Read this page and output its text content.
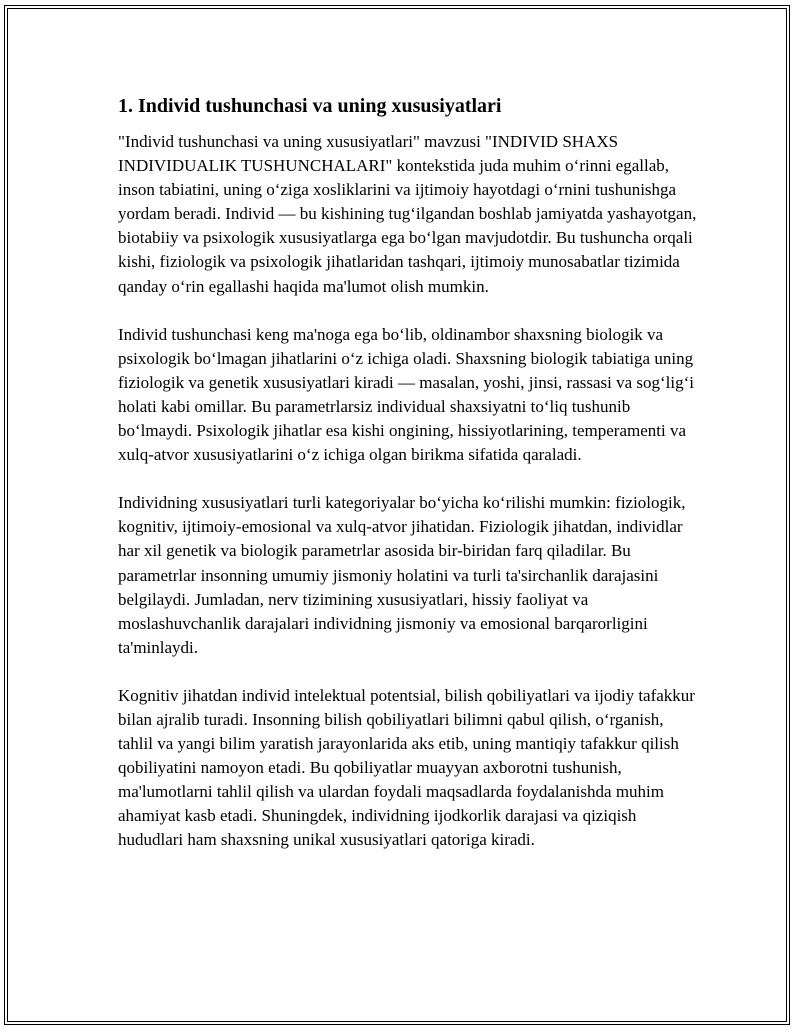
1. Individ tushunchasi va uning xususiyatlari

"Individ tushunchasi va uning xususiyatlari" mavzusi "INDIVID SHAXS INDIVIDUALIK TUSHUNCHALARI" kontekstida juda muhim o‘rinni egallab, inson tabiatini, uning o‘ziga xosliklarini va ijtimoiy hayotdagi o‘rnini tushunishga yordam beradi. Individ — bu kishining tug‘ilgandan boshlab jamiyatda yashayotgan, biotabiiy va psixologik xususiyatlarga ega bo‘lgan mavjudotdir. Bu tushuncha orqali kishi, fiziologik va psixologik jihatlaridan tashqari, ijtimoiy munosabatlar tizimida qanday o‘rin egallashi haqida ma'lumot olish mumkin.

Individ tushunchasi keng ma'noga ega bo‘lib, oldinambor shaxsning biologik va psixologik bo‘lmagan jihatlarini o‘z ichiga oladi. Shaxsning biologik tabiatiga uning fiziologik va genetik xususiyatlari kiradi — masalan, yoshi, jinsi, rassasi va sog‘lig‘i holati kabi omillar. Bu parametrlarsiz individual shaxsiyatni to‘liq tushunib bo‘lmaydi. Psixologik jihatlar esa kishi ongining, hissiyotlarining, temperamenti va xulq-atvor xususiyatlarini o‘z ichiga olgan birikma sifatida qaraladi.

Individning xususiyatlari turli kategoriyalar bo‘yicha ko‘rilishi mumkin: fiziologik, kognitiv, ijtimoiy-emosional va xulq-atvor jihatidan. Fiziologik jihatdan, individlar har xil genetik va biologik parametrlar asosida bir-biridan farq qiladilar. Bu parametrlar insonning umumiy jismoniy holatini va turli ta'sirchanlik darajasini belgilaydi. Jumladan, nerv tizimining xususiyatlari, hissiy faoliyat va moslashuvchanlik darajalari individning jismoniy va emosional barqarorligini ta'minlaydi.

Kognitiv jihatdan individ intelektual potentsial, bilish qobiliyatlari va ijodiy tafakkur bilan ajralib turadi. Insonning bilish qobiliyatlari bilimni qabul qilish, o‘rganish, tahlil va yangi bilim yaratish jarayonlarida aks etib, uning mantiqiy tafakkur qilish qobiliyatini namoyon etadi. Bu qobiliyatlar muayyan axborotni tushunish, ma'lumotlarni tahlil qilish va ulardan foydali maqsadlarda foydalanishda muhim ahamiyat kasb etadi. Shuningdek, individning ijodkorlik darajasi va qiziqish hududlari ham shaxsning unikal xususiyatlari qatoriga kiradi.
